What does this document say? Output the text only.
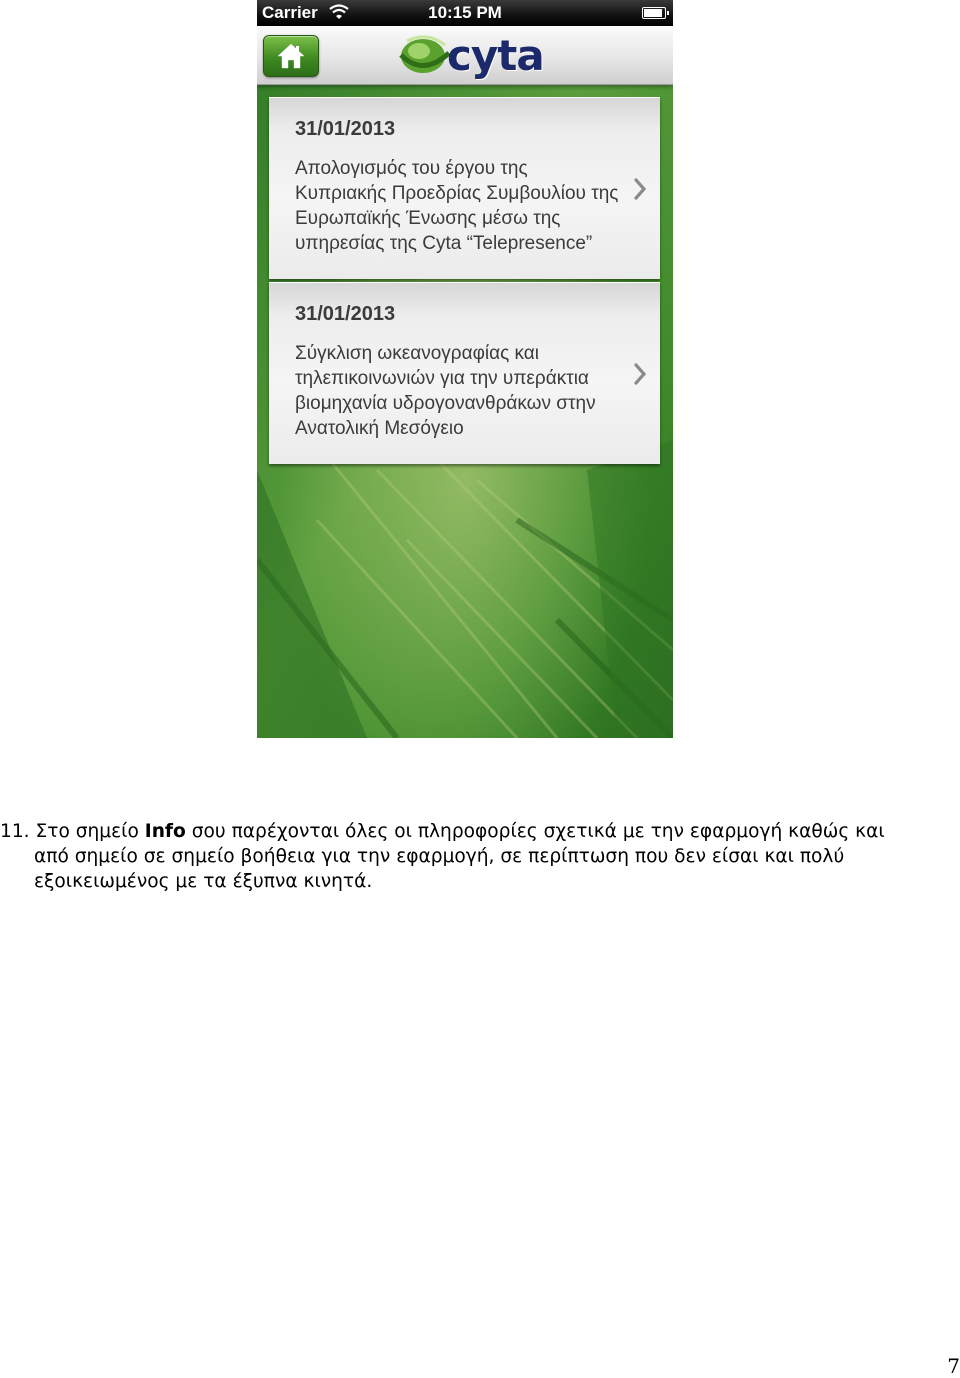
Carrier	10:15 PM
cyta
31/01/2013
Απολογισμός του έργου της
Κυπριακής Προεδρίας Συμβουλίου της
Ευρωπαϊκής Ένωσης μέσω της
υπηρεσίας της Cyta “Telepresence”
31/01/2013
Σύγκλιση ωκεανογραφίας και
τηλεπικοινωνιών για την υπεράκτια
βιομηχανία υδρογονανθράκων στην
Ανατολική Μεσόγειο
11. Στο σημείο Info σου παρέχονται όλες οι πληροφορίες σχετικά με την εφαρμογή καθώς και
από σημείο σε σημείο βοήθεια για την εφαρμογή, σε περίπτωση που δεν είσαι και πολύ
εξοικειωμένος με τα έξυπνα κινητά.
7
